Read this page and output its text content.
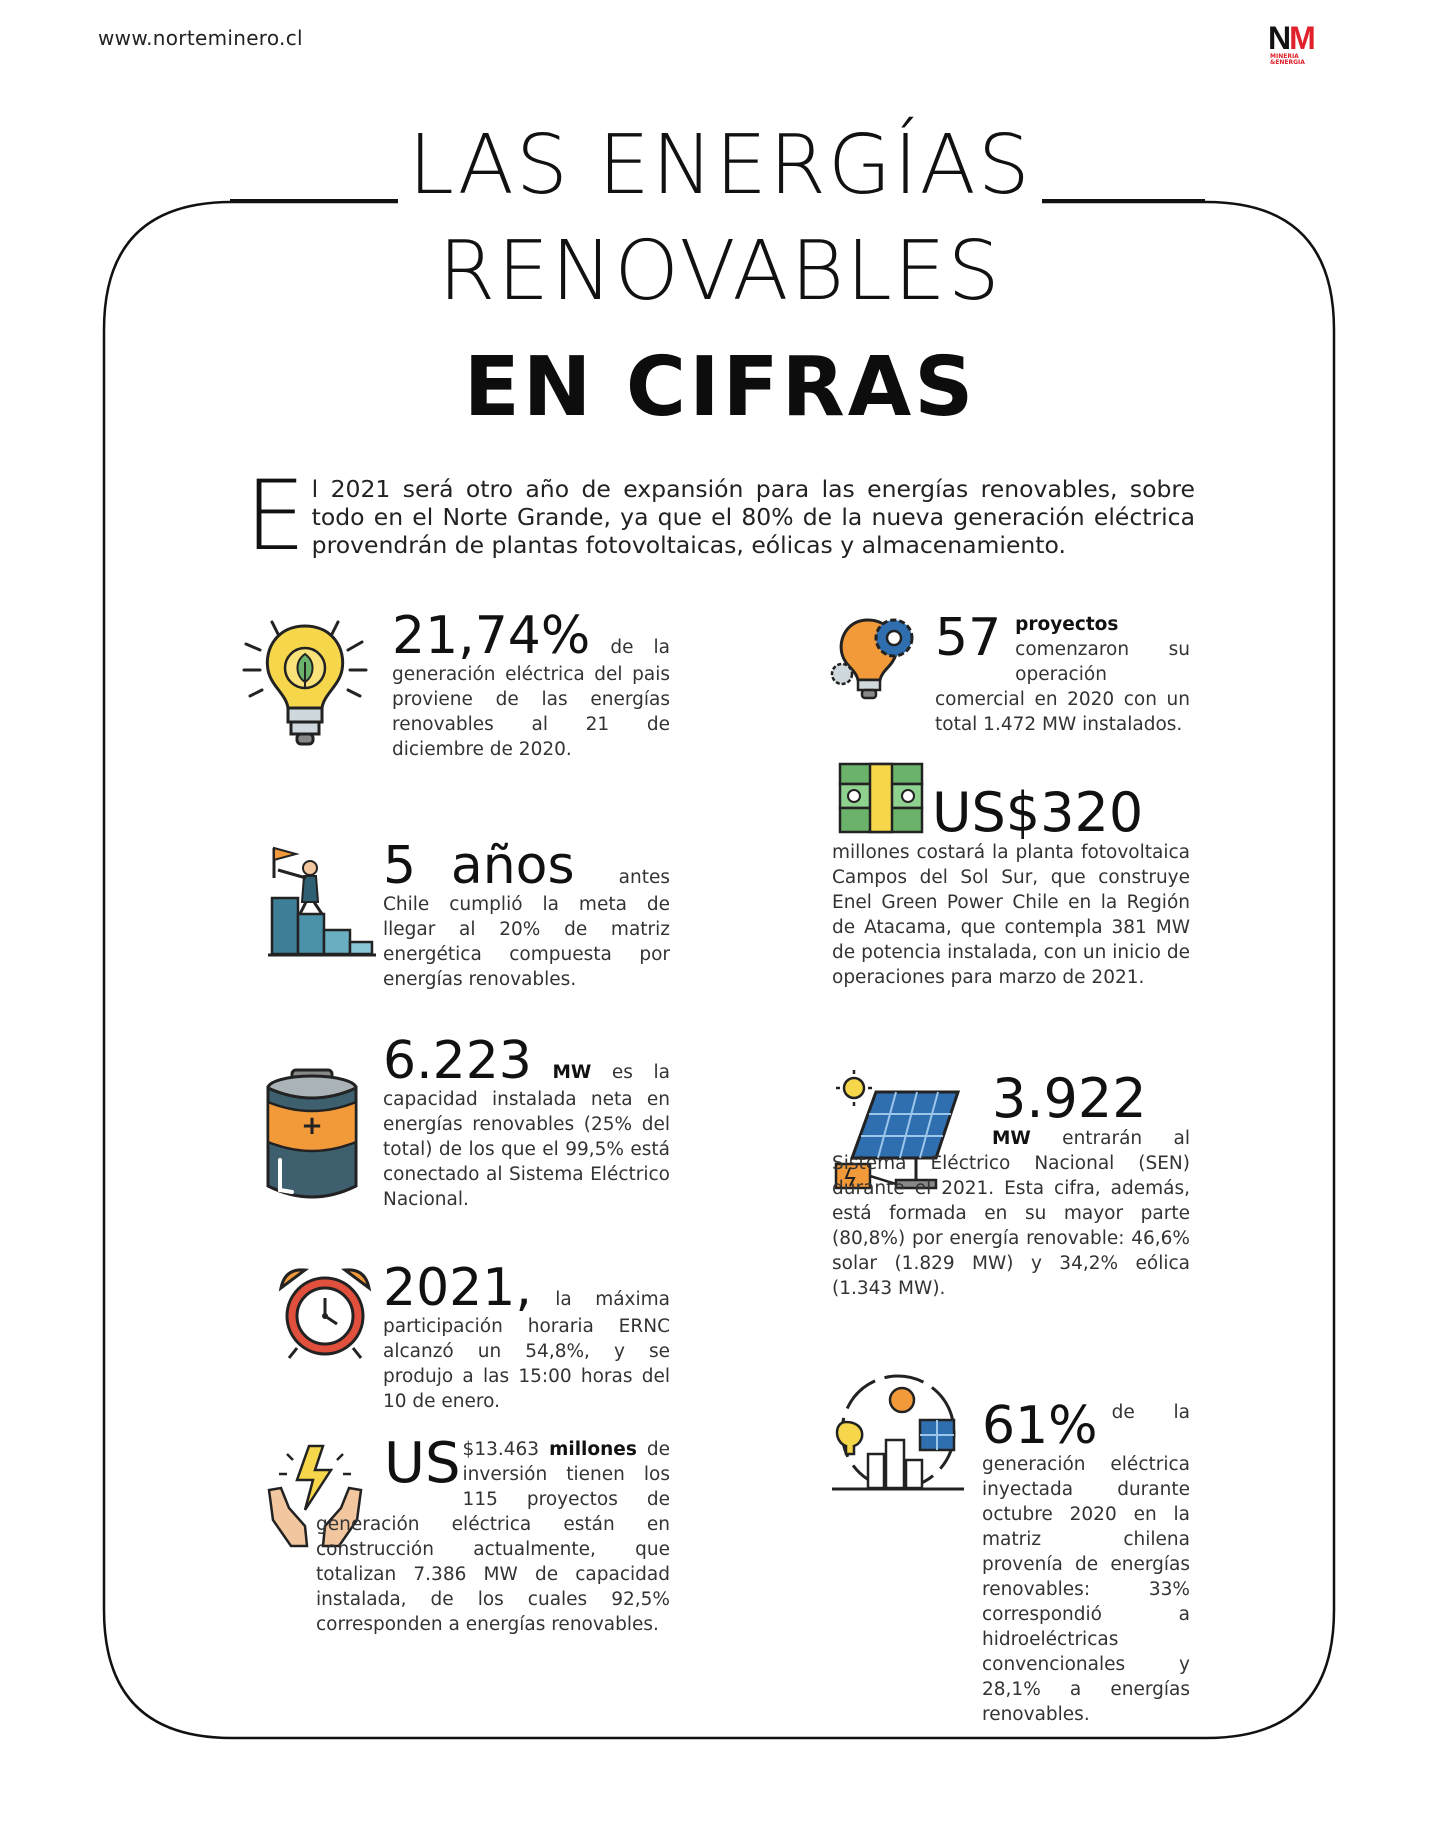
www.norteminero.cl	NM
MINERIA
&ENERGIA
LAS ENERGÍAS
RENOVABLES
EN CIFRAS
El 2021 será otro año de expansión para las energías renovables, sobre todo en el Norte Grande, ya que el 80% de la nueva generación eléctrica provendrán de plantas fotovoltaicas, eólicas y almacenamiento.
21,74% de la generación eléctrica del pais proviene de las energías renovables al 21 de diciembre de 2020.
5 años antes Chile cumplió la meta de llegar al 20% de matriz energética compuesta por energías renovables.
+
6.223 MW es la capacidad instalada neta en energías renovables (25% del total) de los que el 99,5% está conectado al Sistema Eléctrico Nacional.
2021, la máxima participación horaria ERNC alcanzó un 54,8%, y se produjo a las 15:00 horas del 10 de enero.
US $13.463 millones de inversión tienen los 115 proyectos de generación eléctrica están en construcción actualmente, que totalizan 7.386 MW de capacidad instalada, de los cuales 92,5% corresponden a energías renovables.
57 proyectos comenzaron su operación comercial en 2020 con un total 1.472 MW instalados.
US$320
millones costará la planta fotovoltaica Campos del Sol Sur, que construye Enel Green Power Chile en la Región de Atacama, que contempla 381 MW de potencia instalada, con un inicio de operaciones para marzo de 2021.
3.922
MW entrarán al Sistema Eléctrico Nacional (SEN) durante el 2021. Esta cifra, además, está formada en su mayor parte (80,8%) por energía renovable: 46,6% solar (1.829 MW) y 34,2% eólica (1.343 MW).
61% de la generación eléctrica inyectada durante octubre 2020 en la matriz chilena provenía de energías renovables: 33% correspondió a hidroeléctricas convencionales y 28,1% a energías renovables.
